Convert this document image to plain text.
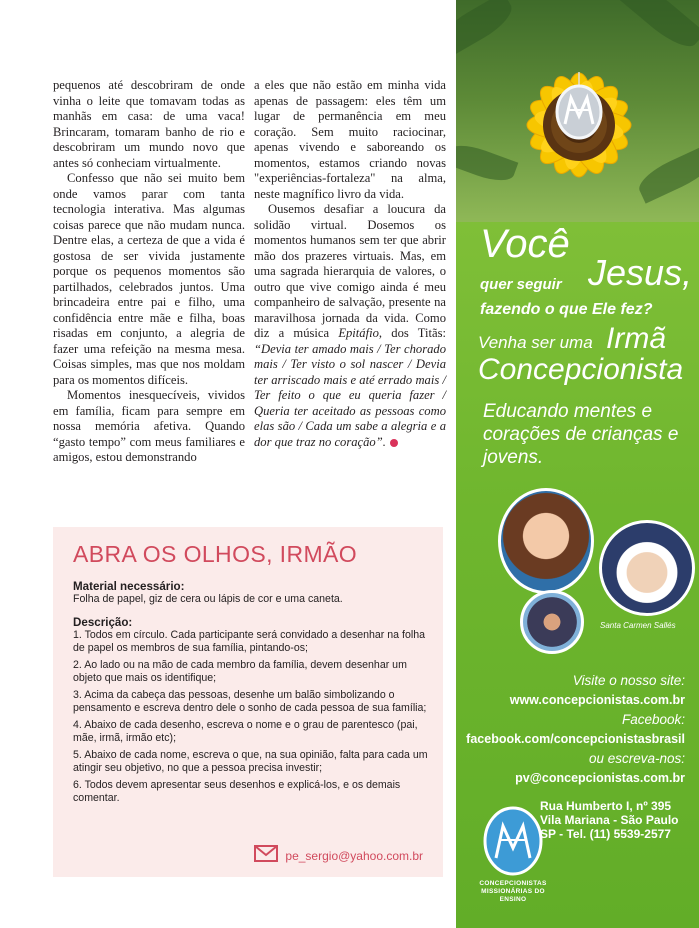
pequenos até descobriram de onde vinha o leite que tomavam todas as manhãs em casa: de uma vaca! Brincaram, tomaram banho de rio e descobriram um mundo novo que antes só conheciam virtualmente.

Confesso que não sei muito bem onde vamos parar com tanta tecnologia interativa. Mas algumas coisas parece que não mudam nunca. Dentre elas, a certeza de que a vida é gostosa de ser vivida justamente porque os pequenos momentos são partilhados, celebrados juntos. Uma brincadeira entre pai e filho, uma confidência entre mãe e filha, boas risadas em conjunto, a alegria de fazer uma refeição na mesma mesa. Coisas simples, mas que nos moldam para os momentos difíceis.

Momentos inesquecíveis, vividos em família, ficam para sempre em nossa memória afetiva. Quando “gasto tempo” com meus familiares e amigos, estou demonstrando

a eles que não estão em minha vida apenas de passagem: eles têm um lugar de permanência em meu coração. Sem muito raciocinar, apenas vivendo e saboreando os momentos, estamos criando novas "experiências-fortaleza" na alma, neste magnífico livro da vida.

Ousemos desafiar a loucura da solidão virtual. Dosemos os momentos humanos sem ter que abrir mão dos prazeres virtuais. Mas, em uma sagrada hierarquia de valores, o outro que vive comigo ainda é meu companheiro de salvação, presente na maravilhosa jornada da vida. Como diz a música Epitáfio, dos Titãs: “Devia ter amado mais / Ter chorado mais / Ter visto o sol nascer / Devia ter arriscado mais e até errado mais / Ter feito o que eu queria fazer / Queria ter aceitado as pessoas como elas são / Cada um sabe a alegria e a dor que traz no coração”.

ABRA OS OLHOS, IRMÃO
Material necessário:

Folha de papel, giz de cera ou lápis de cor e uma caneta.

Descrição:

1. Todos em círculo. Cada participante será convidado a desenhar na folha de papel os membros de sua família, pintando-os;

2. Ao lado ou na mão de cada membro da família, devem desenhar um objeto que mais os identifique;

3. Acima da cabeça das pessoas, desenhe um balão simbolizando o pensamento e escreva dentro dele o sonho de cada pessoa de sua família;

4. Abaixo de cada desenho, escreva o nome e o grau de parentesco (pai, mãe, irmã, irmão etc);

5. Abaixo de cada nome, escreva o que, na sua opinião, falta para cada um atingir seu objetivo, no que a pessoa precisa investir;

6. Todos devem apresentar seus desenhos e explicá-los, e os demais comentar.

pe_sergio@yahoo.com.br
Você
Jesus,
quer seguir
fazendo o que Ele fez?
Venha ser uma Irmã
Concepcionista
Educando mentes e corações de crianças e jovens.
Santa Carmen Sallés
Visite o nosso site:
www.concepcionistas.com.br
Facebook:
facebook.com/concepcionistasbrasil
ou escreva-nos:
pv@concepcionistas.com.br
CONCEPCIONISTAS MISSIONÁRIAS DO ENSINO
Rua Humberto I, nº 395
Vila Mariana - São Paulo
SP - Tel. (11) 5539-2577
